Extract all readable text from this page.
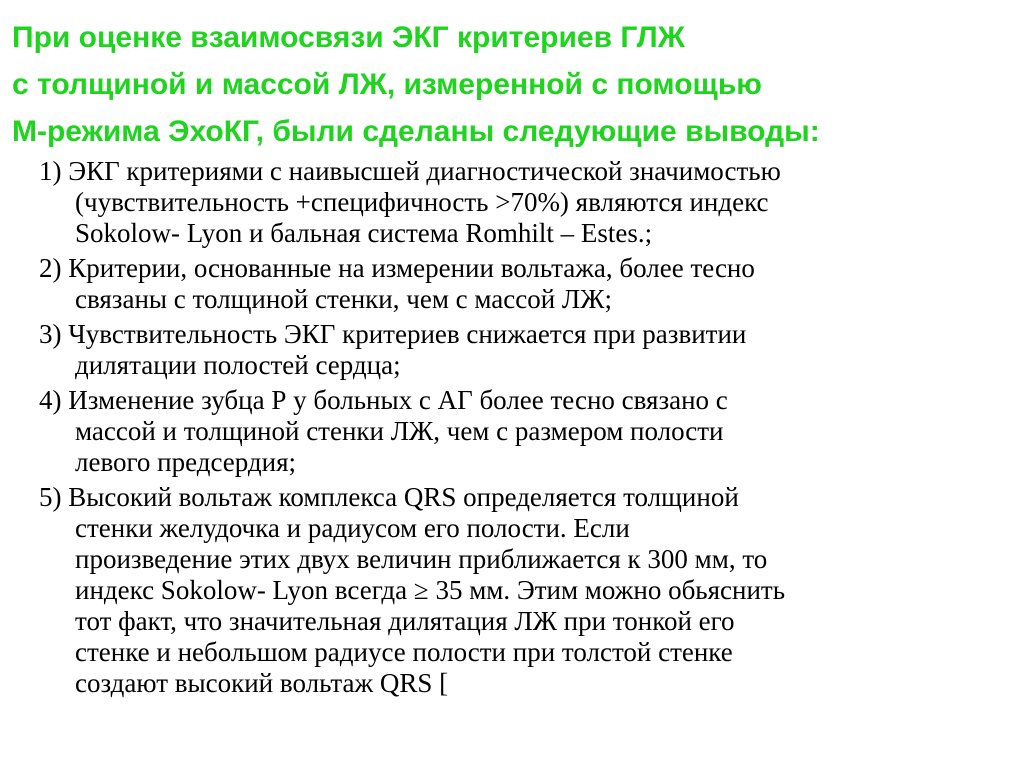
При оценке взаимосвязи ЭКГ критериев ГЛЖ
с толщиной и массой ЛЖ, измеренной с помощью
М-режима ЭхоКГ, были сделаны следующие выводы:
1) ЭКГ критериями с наивысшей диагностической значимостью
(чувствительность +специфичность >70%) являются индекс
Sokolow- Lyon и бальная система Romhilt – Estes.;
2) Критерии, основанные на измерении вольтажа, более тесно
связаны с толщиной стенки, чем с массой ЛЖ;
3) Чувствительность ЭКГ критериев снижается при развитии
дилятации полостей сердца;
4) Изменение зубца Р у больных с АГ более тесно связано с
массой и толщиной стенки ЛЖ, чем с размером полости
левого предсердия;
5) Высокий вольтаж комплекса QRS определяется толщиной
стенки желудочка и радиусом его полости. Если
произведение этих двух величин приближается к 300 мм, то
индекс Sokolow- Lyon всегда ≥ 35 мм. Этим можно обьяснить
тот факт, что значительная дилятация ЛЖ при тонкой его
стенке и небольшом радиусе полости при толстой стенке
создают высокий вольтаж QRS [
